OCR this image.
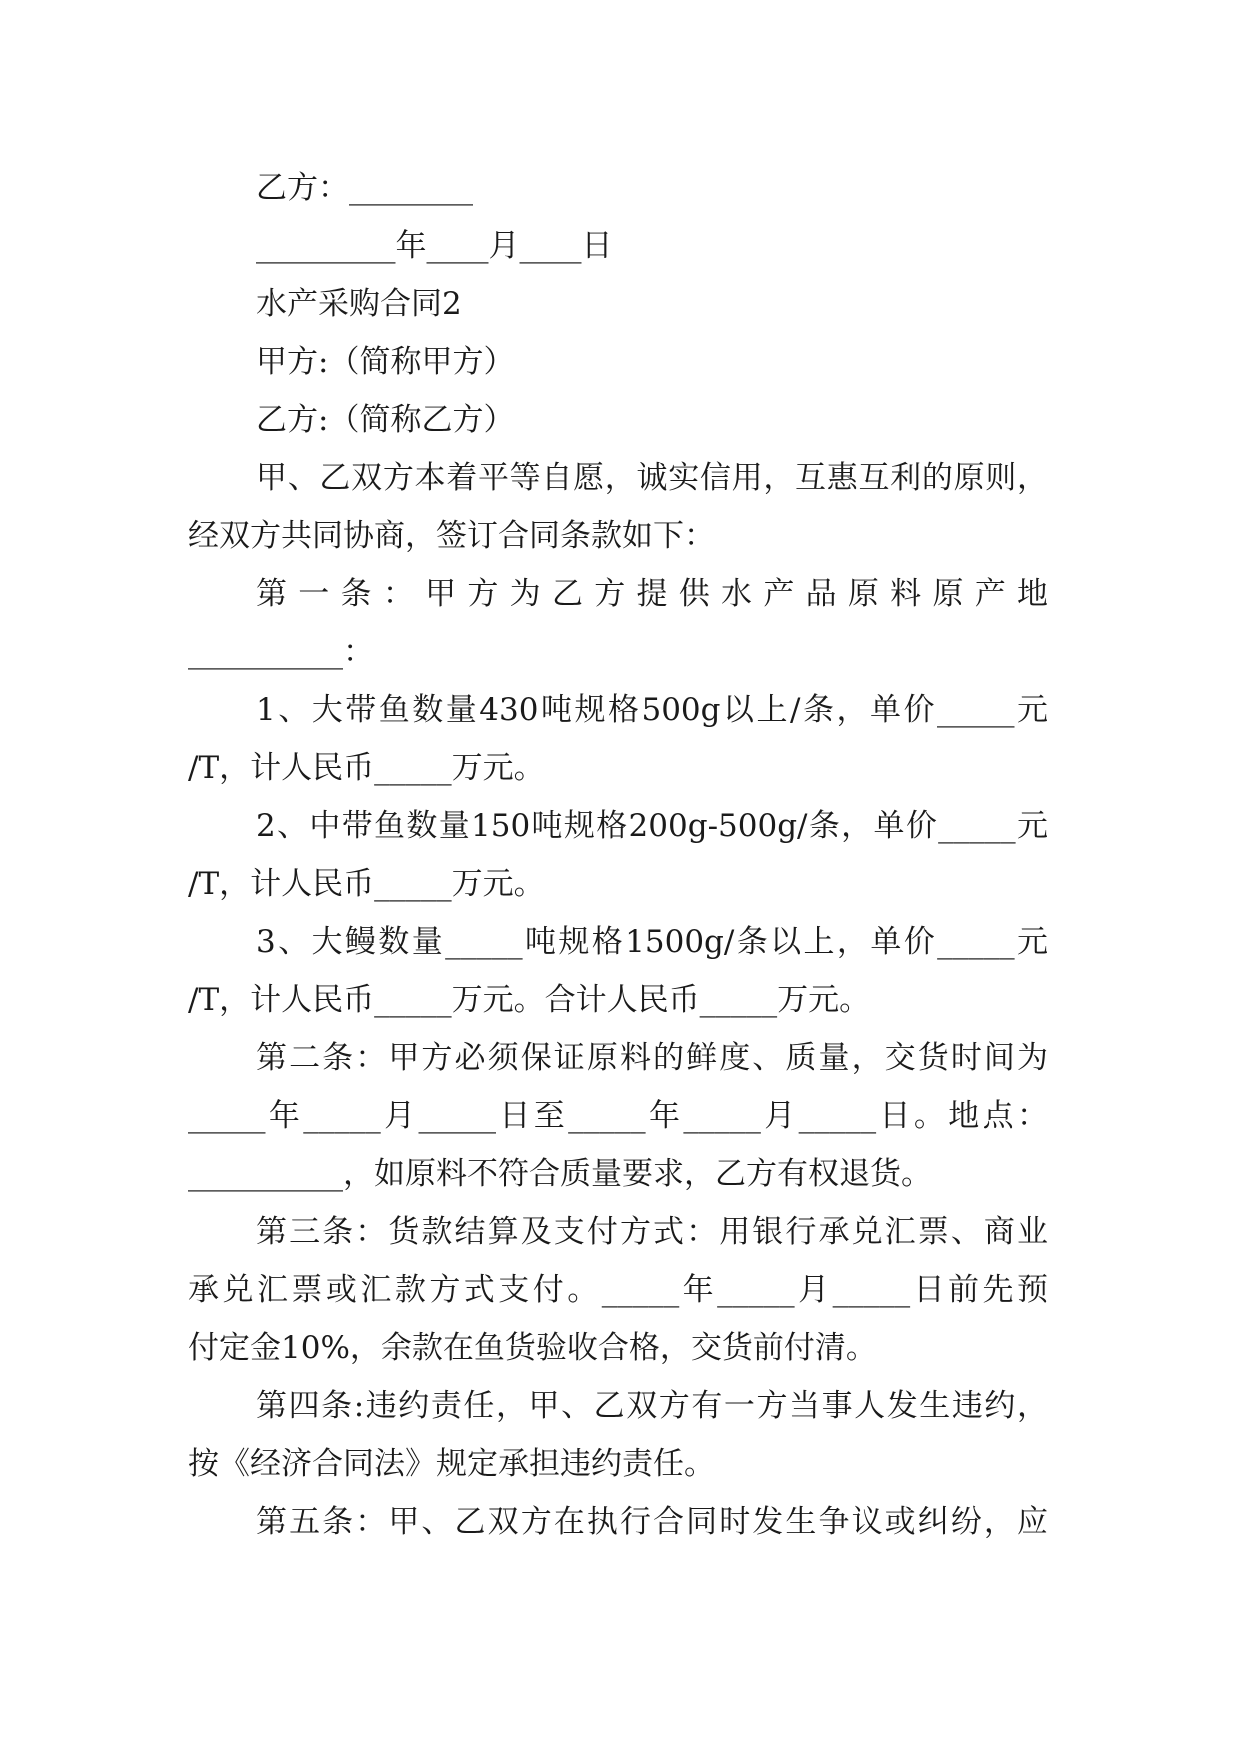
乙方：________
_________年____月____日
水产采购合同2
甲方:（简称甲方）
乙方:（简称乙方）
甲、乙双方本着平等自愿，诚实信用，互惠互利的原则，
经双方共同协商，签订合同条款如下：
第一条：甲方为乙方提供水产品原料原产地
__________：
1、大带鱼数量430吨规格500g以上/条，单价_____元
/T，计人民币_____万元。
2、中带鱼数量150吨规格200g-500g/条，单价_____元
/T，计人民币_____万元。
3、大鳗数量_____吨规格1500g/条以上，单价_____元
/T，计人民币_____万元。合计人民币_____万元。
第二条：甲方必须保证原料的鲜度、质量，交货时间为
_____年_____月_____日至_____年_____月_____日。地点：
__________，如原料不符合质量要求，乙方有权退货。
第三条：货款结算及支付方式：用银行承兑汇票、商业
承兑汇票或汇款方式支付。_____年_____月_____日前先预
付定金10%，余款在鱼货验收合格，交货前付清。
第四条:违约责任，甲、乙双方有一方当事人发生违约，
按《经济合同法》规定承担违约责任。
第五条：甲、乙双方在执行合同时发生争议或纠纷，应
